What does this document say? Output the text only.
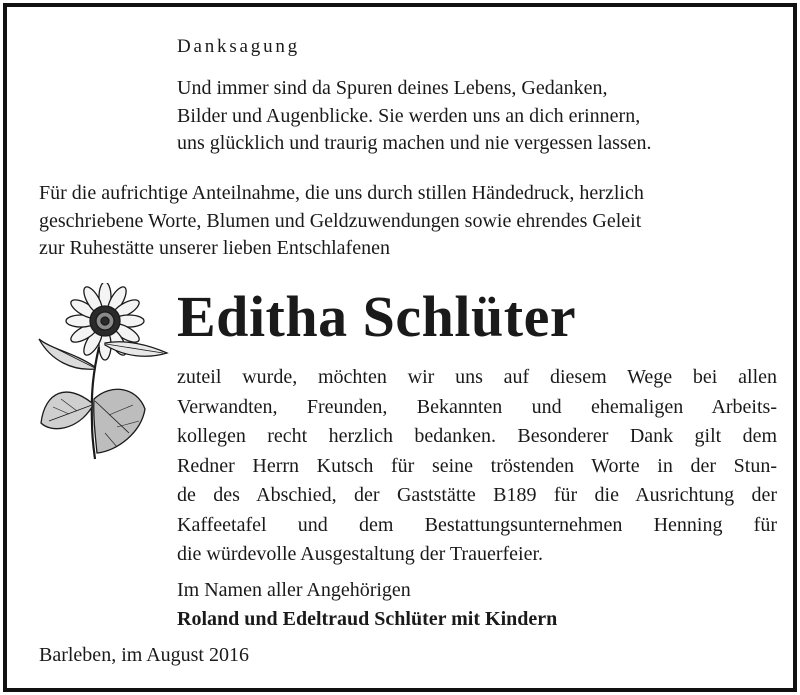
Danksagung
Und immer sind da Spuren deines Lebens, Gedanken,
Bilder und Augenblicke. Sie werden uns an dich erinnern,
uns glücklich und traurig machen und nie vergessen lassen.
Für die aufrichtige Anteilnahme, die uns durch stillen Händedruck, herzlich
geschriebene Worte, Blumen und Geldzuwendungen sowie ehrendes Geleit
zur Ruhestätte unserer lieben Entschlafenen
Editha Schlüter
zuteil wurde, möchten wir uns auf diesem Wege bei allen
Verwandten, Freunden, Bekannten und ehemaligen Arbeits-
kollegen recht herzlich bedanken. Besonderer Dank gilt dem
Redner Herrn Kutsch für seine tröstenden Worte in der Stun-
de des Abschied, der Gaststätte B189 für die Ausrichtung der
Kaffeetafel und dem Bestattungsunternehmen Henning für
die würdevolle Ausgestaltung der Trauerfeier.
Im Namen aller Angehörigen
Roland und Edeltraud Schlüter mit Kindern
Barleben, im August 2016
